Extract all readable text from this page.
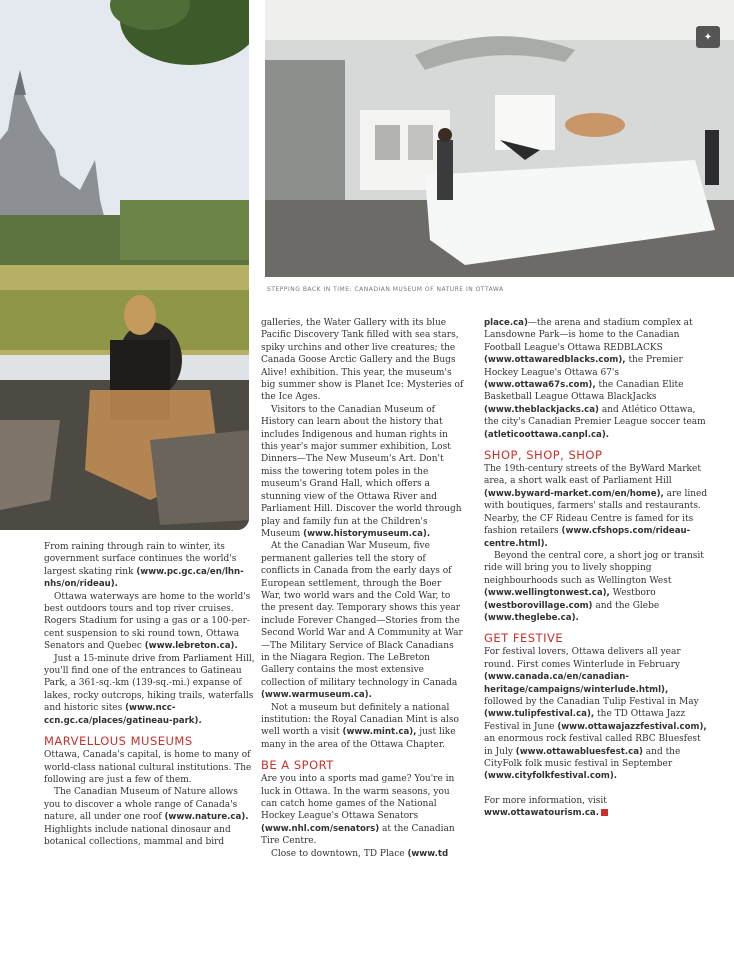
✦
STEPPING BACK IN TIME: CANADIAN MUSEUM OF NATURE IN OTTAWA

From raining through rain to winter, its government surface continues the world's largest skating rink (www.pc.gc.ca/en/lhn-nhs/on/rideau).

Ottawa waterways are home to the world's best outdoors tours and top river cruises. Rogers Stadium for using a gas or a 100-per-cent suspension to ski round town, Ottawa Senators and Quebec (www.lebreton.ca).

Just a 15-minute drive from Parliament Hill, you'll find one of the entrances to Gatineau Park, a 361-sq.-km (139-sq.-mi.) expanse of lakes, rocky outcrops, hiking trails, waterfalls and historic sites (www.ncc-ccn.gc.ca/places/gatineau-park).

MARVELLOUS MUSEUMS

Ottawa, Canada's capital, is home to many of world-class national cultural institutions. The following are just a few of them.

The Canadian Museum of Nature allows you to discover a whole range of Canada's nature, all under one roof (www.nature.ca). Highlights include national dinosaur and botanical collections, mammal and bird

galleries, the Water Gallery with its blue Pacific Discovery Tank filled with sea stars, spiky urchins and other live creatures; the Canada Goose Arctic Gallery and the Bugs Alive! exhibition. This year, the museum's big summer show is Planet Ice: Mysteries of the Ice Ages.

Visitors to the Canadian Museum of History can learn about the history that includes Indigenous and human rights in this year's major summer exhibition, Lost Dinners—The New Museum's Art. Don't miss the towering totem poles in the museum's Grand Hall, which offers a stunning view of the Ottawa River and Parliament Hill. Discover the world through play and family fun at the Children's Museum (www.historymuseum.ca).

At the Canadian War Museum, five permanent galleries tell the story of conflicts in Canada from the early days of European settlement, through the Boer War, two world wars and the Cold War, to the present day. Temporary shows this year include Forever Changed—Stories from the Second World War and A Community at War—The Military Service of Black Canadians in the Niagara Region. The LeBreton Gallery contains the most extensive collection of military technology in Canada (www.warmuseum.ca).

Not a museum but definitely a national institution: the Royal Canadian Mint is also well worth a visit (www.mint.ca), just like many in the area of the Ottawa Chapter.

BE A SPORT

Are you into a sports mad game? You're in luck in Ottawa. In the warm seasons, you can catch home games of the National Hockey League's Ottawa Senators (www.nhl.com/senators) at the Canadian Tire Centre.

Close to downtown, TD Place (www.td

place.ca)—the arena and stadium complex at Lansdowne Park—is home to the Canadian Football League's Ottawa REDBLACKS (www.ottawaredblacks.com), the Premier Hockey League's Ottawa 67's (www.ottawa67s.com), the Canadian Elite Basketball League Ottawa BlackJacks (www.theblackjacks.ca) and Atlético Ottawa, the city's Canadian Premier League soccer team (atleticoottawa.canpl.ca).

SHOP, SHOP, SHOP

The 19th-century streets of the ByWard Market area, a short walk east of Parliament Hill (www.byward-market.com/en/home), are lined with boutiques, farmers' stalls and restaurants. Nearby, the CF Rideau Centre is famed for its fashion retailers (www.cfshops.com/rideau-centre.html).

Beyond the central core, a short jog or transit ride will bring you to lively shopping neighbourhoods such as Wellington West (www.wellingtonwest.ca), Westboro (westborovillage.com) and the Glebe (www.theglebe.ca).

GET FESTIVE

For festival lovers, Ottawa delivers all year round. First comes Winterlude in February (www.canada.ca/en/canadian-heritage/campaigns/winterlude.html), followed by the Canadian Tulip Festival in May (www.tulipfestival.ca), the TD Ottawa Jazz Festival in June (www.ottawajazzfestival.com), an enormous rock festival called RBC Bluesfest in July (www.ottawabluesfest.ca) and the CityFolk folk music festival in September (www.cityfolkfestival.com).

For more information, visit www.ottawatourism.ca.
